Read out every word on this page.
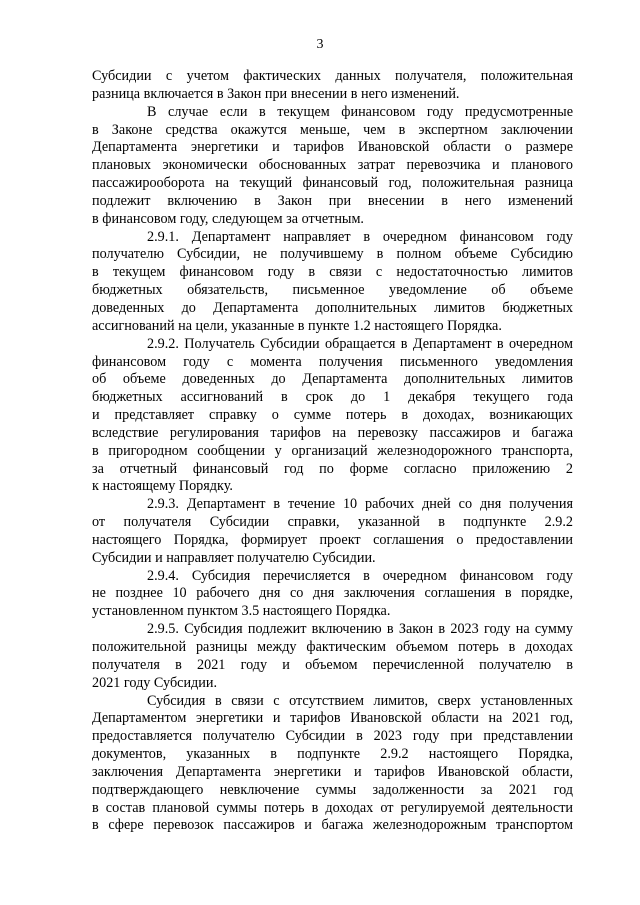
3
Субсидии с учетом фактических данных получателя, положительная
разница включается в Закон при внесении в него изменений.
В случае если в текущем финансовом году предусмотренные
в Законе средства окажутся меньше, чем в экспертном заключении
Департамента энергетики и тарифов Ивановской области о размере
плановых экономически обоснованных затрат перевозчика и планового
пассажирооборота на текущий финансовый год, положительная разница
подлежит включению в Закон при внесении в него изменений
в финансовом году, следующем за отчетным.
2.9.1. Департамент направляет в очередном финансовом году
получателю Субсидии, не получившему в полном объеме Субсидию
в текущем финансовом году в связи с недостаточностью лимитов
бюджетных обязательств, письменное уведомление об объеме
доведенных до Департамента дополнительных лимитов бюджетных
ассигнований на цели, указанные в пункте 1.2 настоящего Порядка.
2.9.2. Получатель Субсидии обращается в Департамент в очередном
финансовом году с момента получения письменного уведомления
об объеме доведенных до Департамента дополнительных лимитов
бюджетных ассигнований в срок до 1 декабря текущего года
и представляет справку о сумме потерь в доходах, возникающих
вследствие регулирования тарифов на перевозку пассажиров и багажа
в пригородном сообщении у организаций железнодорожного транспорта,
за отчетный финансовый год по форме согласно приложению 2
к настоящему Порядку.
2.9.3. Департамент в течение 10 рабочих дней со дня получения
от получателя Субсидии справки, указанной в подпункте 2.9.2
настоящего Порядка, формирует проект соглашения о предоставлении
Субсидии и направляет получателю Субсидии.
2.9.4. Субсидия перечисляется в очередном финансовом году
не позднее 10 рабочего дня со дня заключения соглашения в порядке,
установленном пунктом 3.5 настоящего Порядка.
2.9.5. Субсидия подлежит включению в Закон в 2023 году на сумму
положительной разницы между фактическим объемом потерь в доходах
получателя в 2021 году и объемом перечисленной получателю в
2021 году Субсидии.
Субсидия в связи с отсутствием лимитов, сверх установленных
Департаментом энергетики и тарифов Ивановской области на 2021 год,
предоставляется получателю Субсидии в 2023 году при представлении
документов, указанных в подпункте 2.9.2 настоящего Порядка,
заключения Департамента энергетики и тарифов Ивановской области,
подтверждающего невключение суммы задолженности за 2021 год
в состав плановой суммы потерь в доходах от регулируемой деятельности
в сфере перевозок пассажиров и багажа железнодорожным транспортом
